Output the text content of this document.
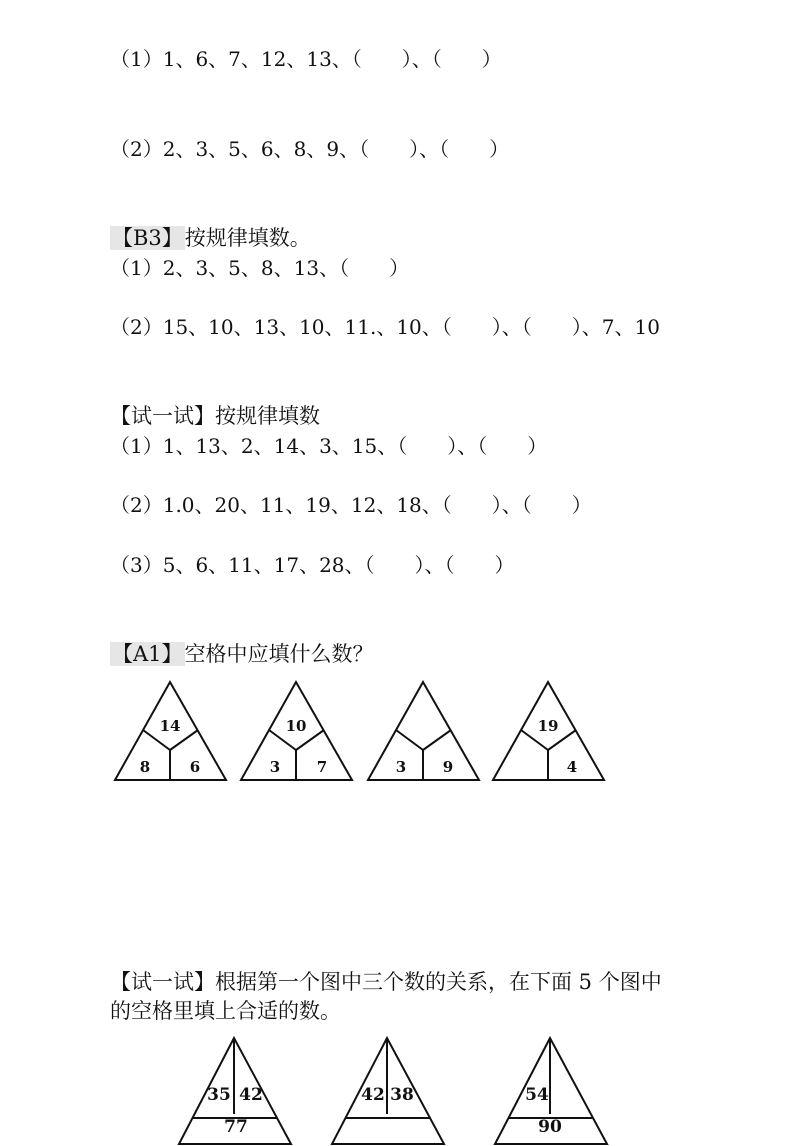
（1）1、6、7、12、13、（　　）、（　　）
（2）2、3、5、6、8、9、（　　）、（　　）
【B3】按规律填数。
（1）2、3、5、8、13、（　　）
（2）15、10、13、10、11.、10、（　　）、（　　）、7、10
【试一试】按规律填数
（1）1、13、2、14、3、15、（　　）、（　　）
（2）1.0、20、11、19、12、18、（　　）、（　　）
（3）5、6、11、17、28、（　　）、（　　）
【A1】空格中应填什么数？
14
8	6
10
3 7	3 9
19
4
【试一试】根据第一个图中三个数的关系，在下面 5 个图中
的空格里填上合适的数。
35 42
77
42 38	54
90
